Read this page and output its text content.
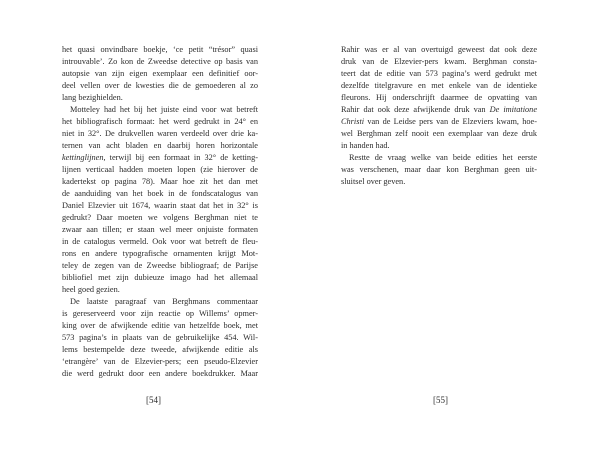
het quasi onvindbare boekje, ‘ce petit “trésor” quasi
introuvable’. Zo kon de Zweedse detective op basis van
autopsie van zijn eigen exemplaar een definitief oor-
deel vellen over de kwesties die de gemoederen al zo
lang bezighielden.
Motteley had het bij het juiste eind voor wat betreft
het bibliografisch formaat: het werd gedrukt in 24° en
niet in 32°. De drukvellen waren verdeeld over drie ka-
ternen van acht bladen en daarbij horen horizontale
kettinglijnen, terwijl bij een formaat in 32° de ketting-
lijnen verticaal hadden moeten lopen (zie hierover de
kadertekst op pagina 78). Maar hoe zit het dan met
de aanduiding van het boek in de fondscatalogus van
Daniel Elzevier uit 1674, waarin staat dat het in 32° is
gedrukt? Daar moeten we volgens Berghman niet te
zwaar aan tillen; er staan wel meer onjuiste formaten
in de catalogus vermeld. Ook voor wat betreft de fleu-
rons en andere typografische ornamenten krijgt Mot-
teley de zegen van de Zweedse bibliograaf; de Parijse
bibliofiel met zijn dubieuze imago had het allemaal
heel goed gezien.
De laatste paragraaf van Berghmans commentaar
is gereserveerd voor zijn reactie op Willems’ opmer-
king over de afwijkende editie van hetzelfde boek, met
573 pagina’s in plaats van de gebruikelijke 454. Wil-
lems bestempelde deze tweede, afwijkende editie als
‘etrangère’ van de Elzevier-pers; een pseudo-Elzevier
die werd gedrukt door een andere boekdrukker. Maar
[54]
Rahir was er al van overtuigd geweest dat ook deze
druk van de Elzevier-pers kwam. Berghman consta-
teert dat de editie van 573 pagina’s werd gedrukt met
dezelfde titelgravure en met enkele van de identieke
fleurons. Hij onderschrijft daarmee de opvatting van
Rahir dat ook deze afwijkende druk van De imitatione
Christi van de Leidse pers van de Elzeviers kwam, hoe-
wel Berghman zelf nooit een exemplaar van deze druk
in handen had.
Restte de vraag welke van beide edities het eerste
was verschenen, maar daar kon Berghman geen uit-
sluitsel over geven.
[55]
